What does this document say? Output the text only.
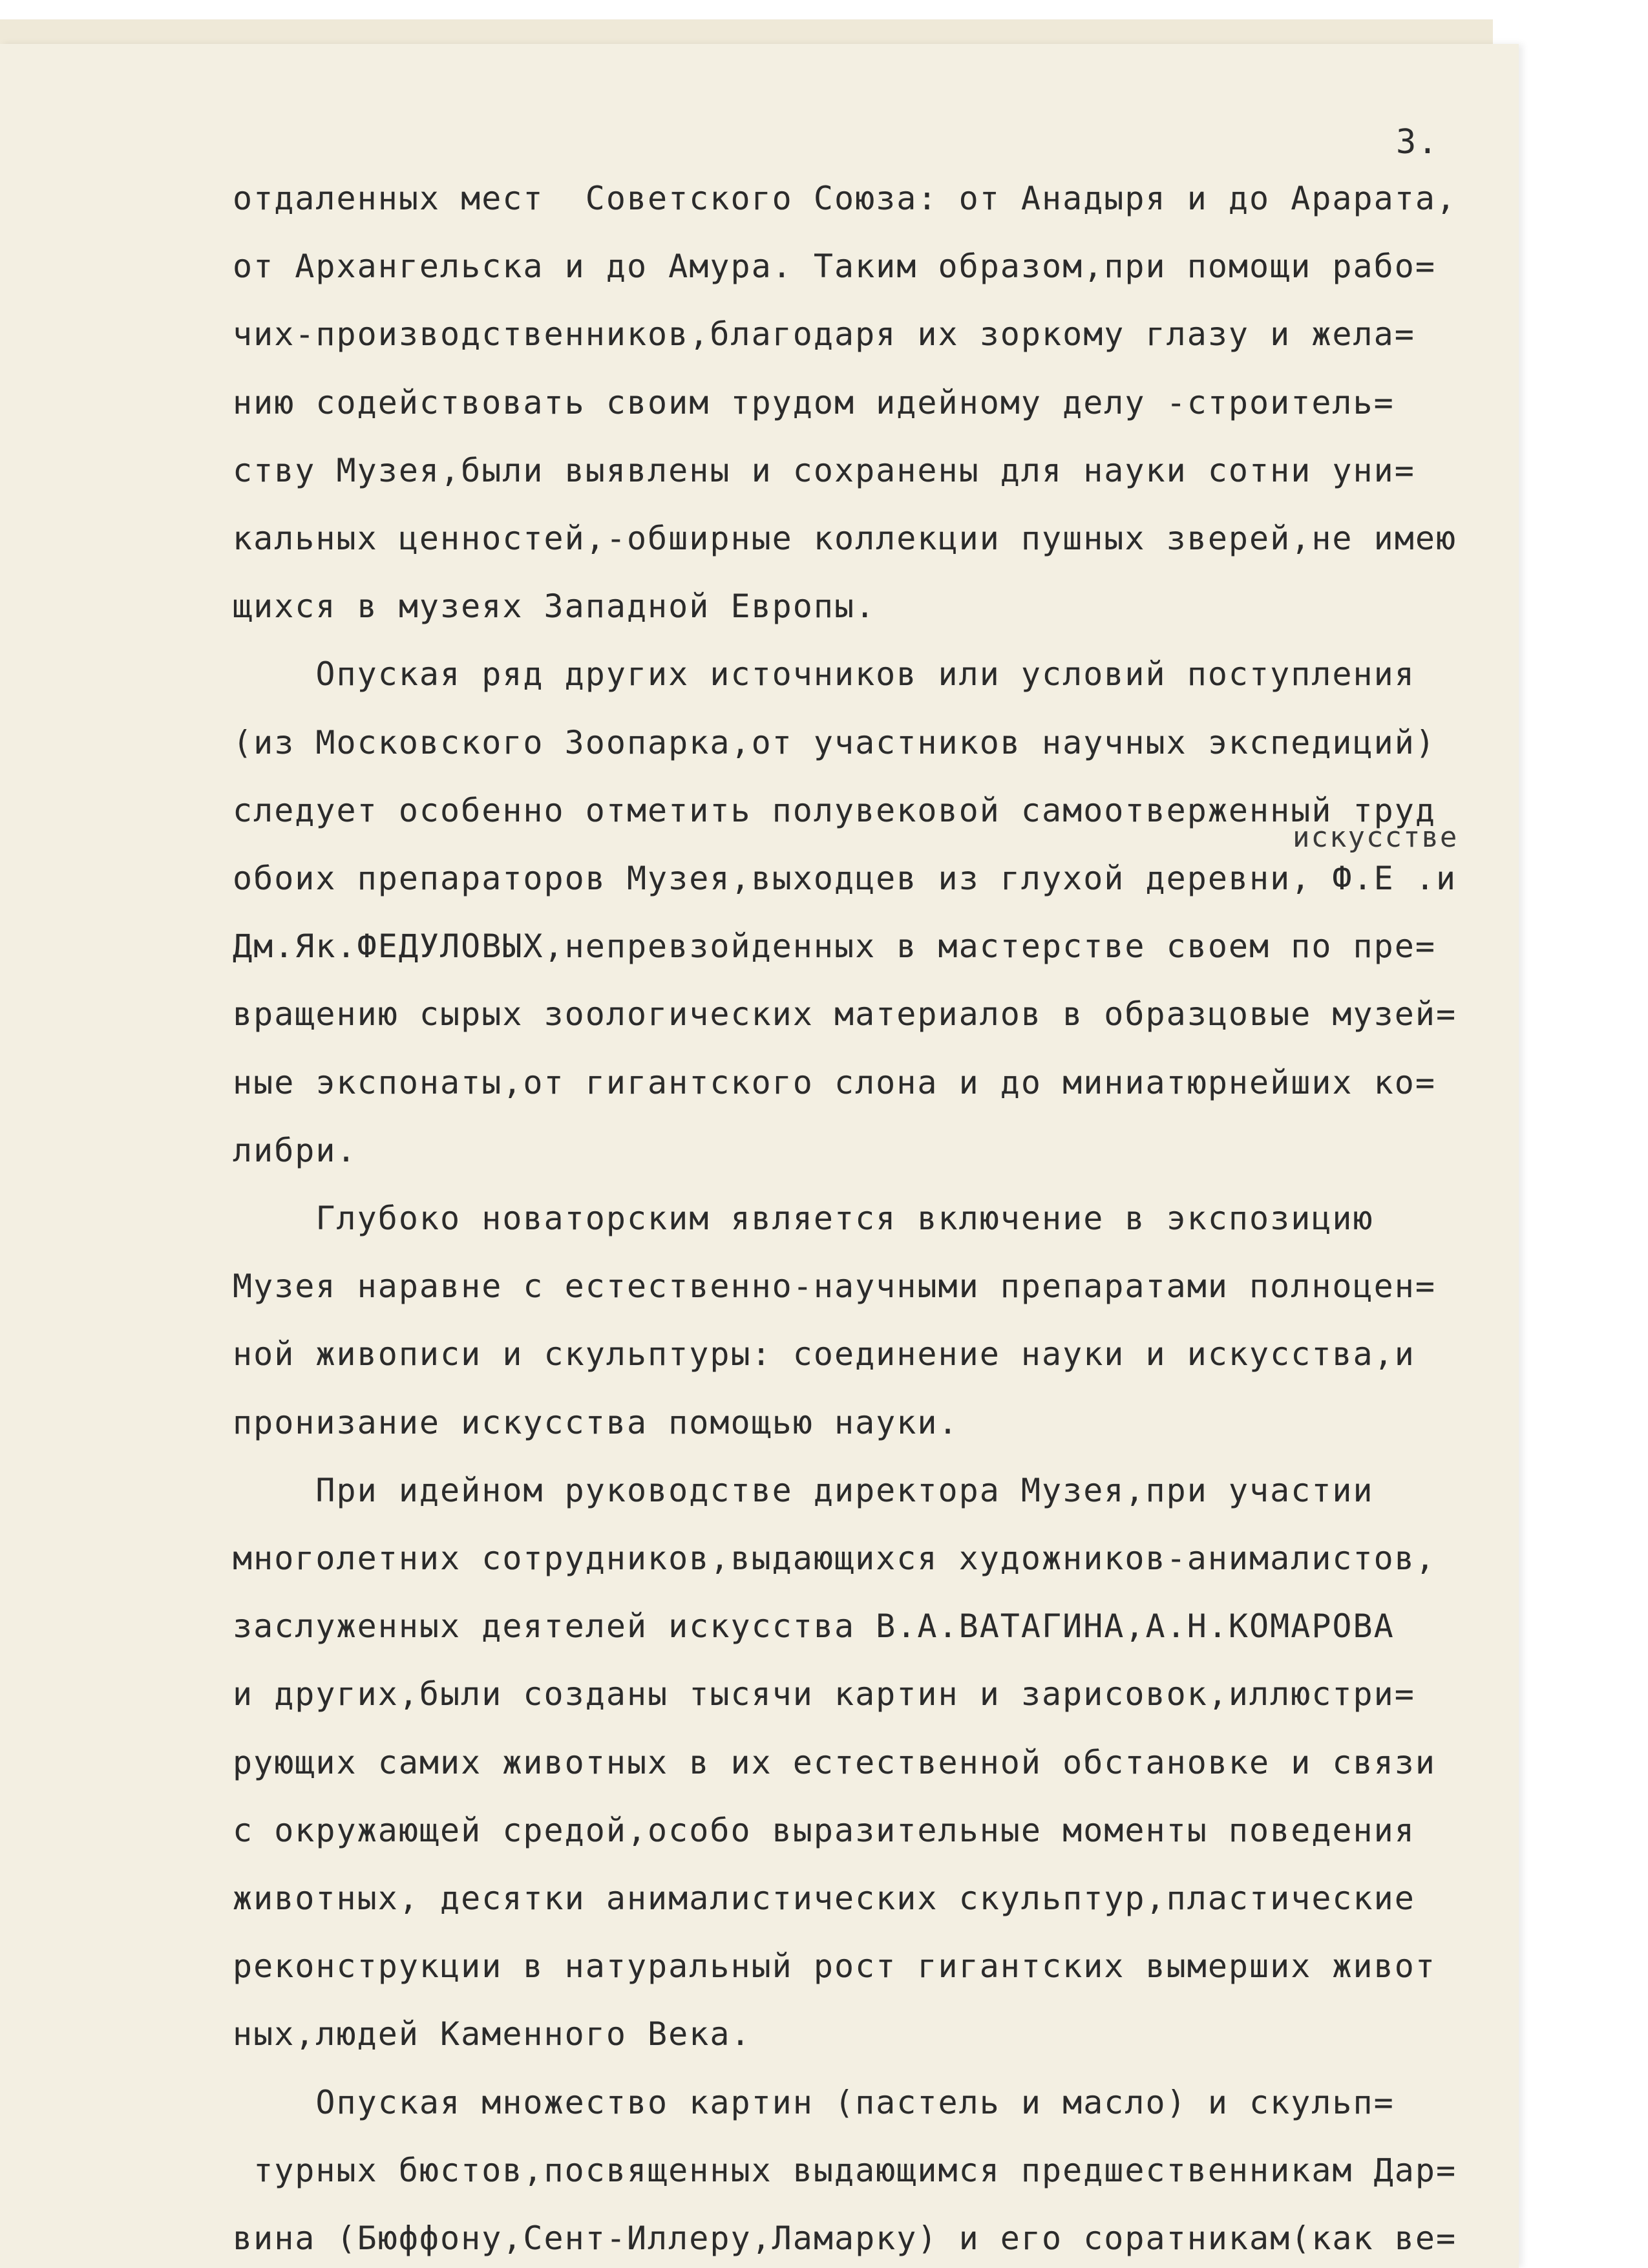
3.
искусстве
отдаленных мест  Советского Союза: от Анадыря и до Арарата,
от Архангельска и до Амура. Таким образом,при помощи рабо=
чих-производственников,благодаря их зоркому глазу и жела=
нию содействовать своим трудом идейному делу -строитель=
ству Музея,были выявлены и сохранены для науки сотни уни=
кальных ценностей,-обширные коллекции пушных зверей,не имею
щихся в музеях Западной Европы.
Опуская ряд других источников или условий поступления
(из Московского Зоопарка,от участников научных экспедиций)
следует особенно отметить полувековой самоотверженный труд
обоих препараторов Музея,выходцев из глухой деревни, Ф.Е .и
Дм.Як.ФЕДУЛОВЫХ,непревзойденных в мастерстве своем по пре=
вращению сырых зоологических материалов в образцовые музей=
ные экспонаты,от гигантского слона и до миниатюрнейших ко=
либри.
Глубоко новаторским является включение в экспозицию
Музея наравне с естественно-научными препаратами полноцен=
ной живописи и скульптуры: соединение науки и искусства,и
пронизание искусства помощью науки.
При идейном руководстве директора Музея,при участии
многолетних сотрудников,выдающихся художников-анималистов,
заслуженных деятелей искусства В.А.ВАТАГИНА,А.Н.КОМАРОВА
и других,были созданы тысячи картин и зарисовок,иллюстри=
рующих самих животных в их естественной обстановке и связи
с окружающей средой,особо выразительные моменты поведения
животных, десятки анималистических скульптур,пластические
реконструкции в натуральный рост гигантских вымерших живот
ных,людей Каменного Века.
Опуская множество картин (пастель и масло) и скульп=
турных бюстов,посвященных выдающимся предшественникам Дар=
вина (Бюффону,Сент-Иллеру,Ламарку) и его соратникам(как ве=
